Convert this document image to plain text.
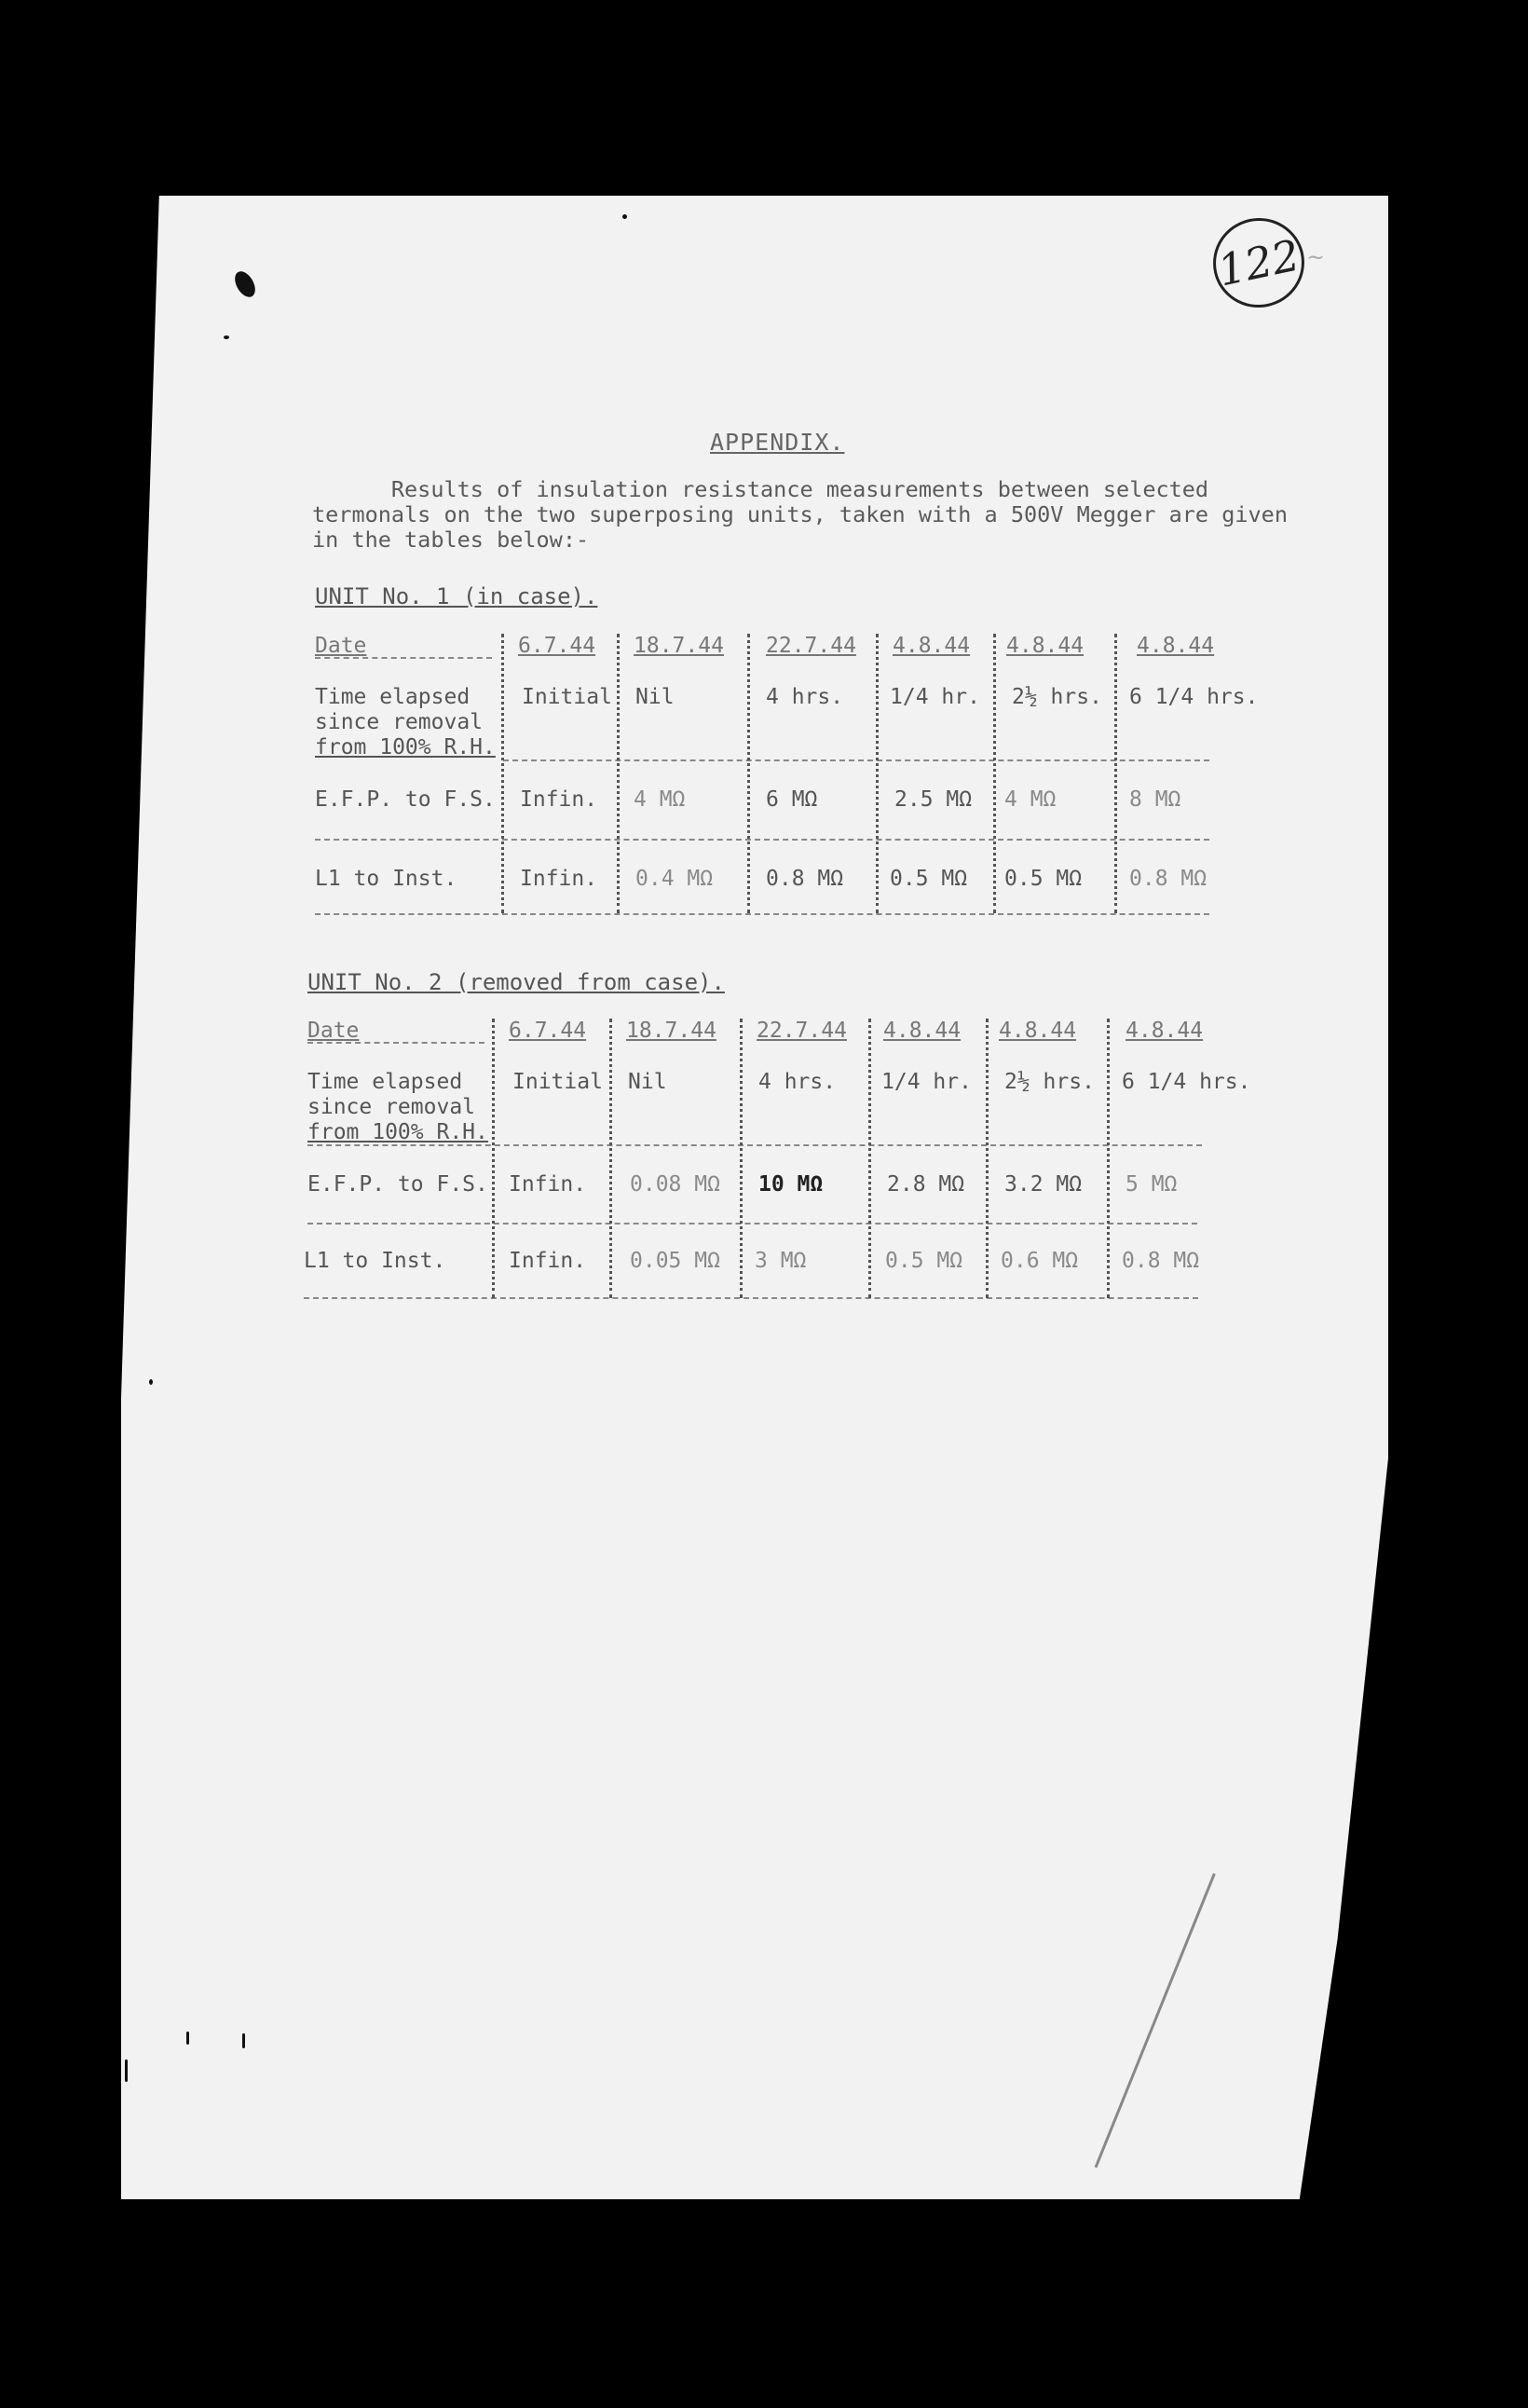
122 ~
APPENDIX.
Results of insulation resistance measurements between selected
termonals on the two superposing units, taken with a 500V Megger are given
in the tables below:-
UNIT No. 1 (in case).
Date	6.7.44 18.7.44 22.7.44 4.8.44 4.8.44 4.8.44
Time elapsed
since removal
from 100% R.H.
Initial Nil	4 hrs. 1/4 hr. 2½ hrs. 6 1/4 hrs.
E.F.P. to F.S. Infin. 4 MΩ	6 MΩ	2.5 MΩ 4 MΩ	8 MΩ
L1 to Inst.	Infin. 0.4 MΩ 0.8 MΩ 0.5 MΩ 0.5 MΩ 0.8 MΩ
UNIT No. 2 (removed from case).
Date	6.7.44 18.7.44 22.7.44 4.8.44 4.8.44 4.8.44
Time elapsed
since removal
from 100% R.H.
Initial Nil	4 hrs. 1/4 hr. 2½ hrs. 6 1/4 hrs.
E.F.P. to F.S. Infin. 0.08 MΩ 10 MΩ	2.8 MΩ 3.2 MΩ 5 MΩ
L1 to Inst.	Infin. 0.05 MΩ 3 MΩ	0.5 MΩ 0.6 MΩ 0.8 MΩ
